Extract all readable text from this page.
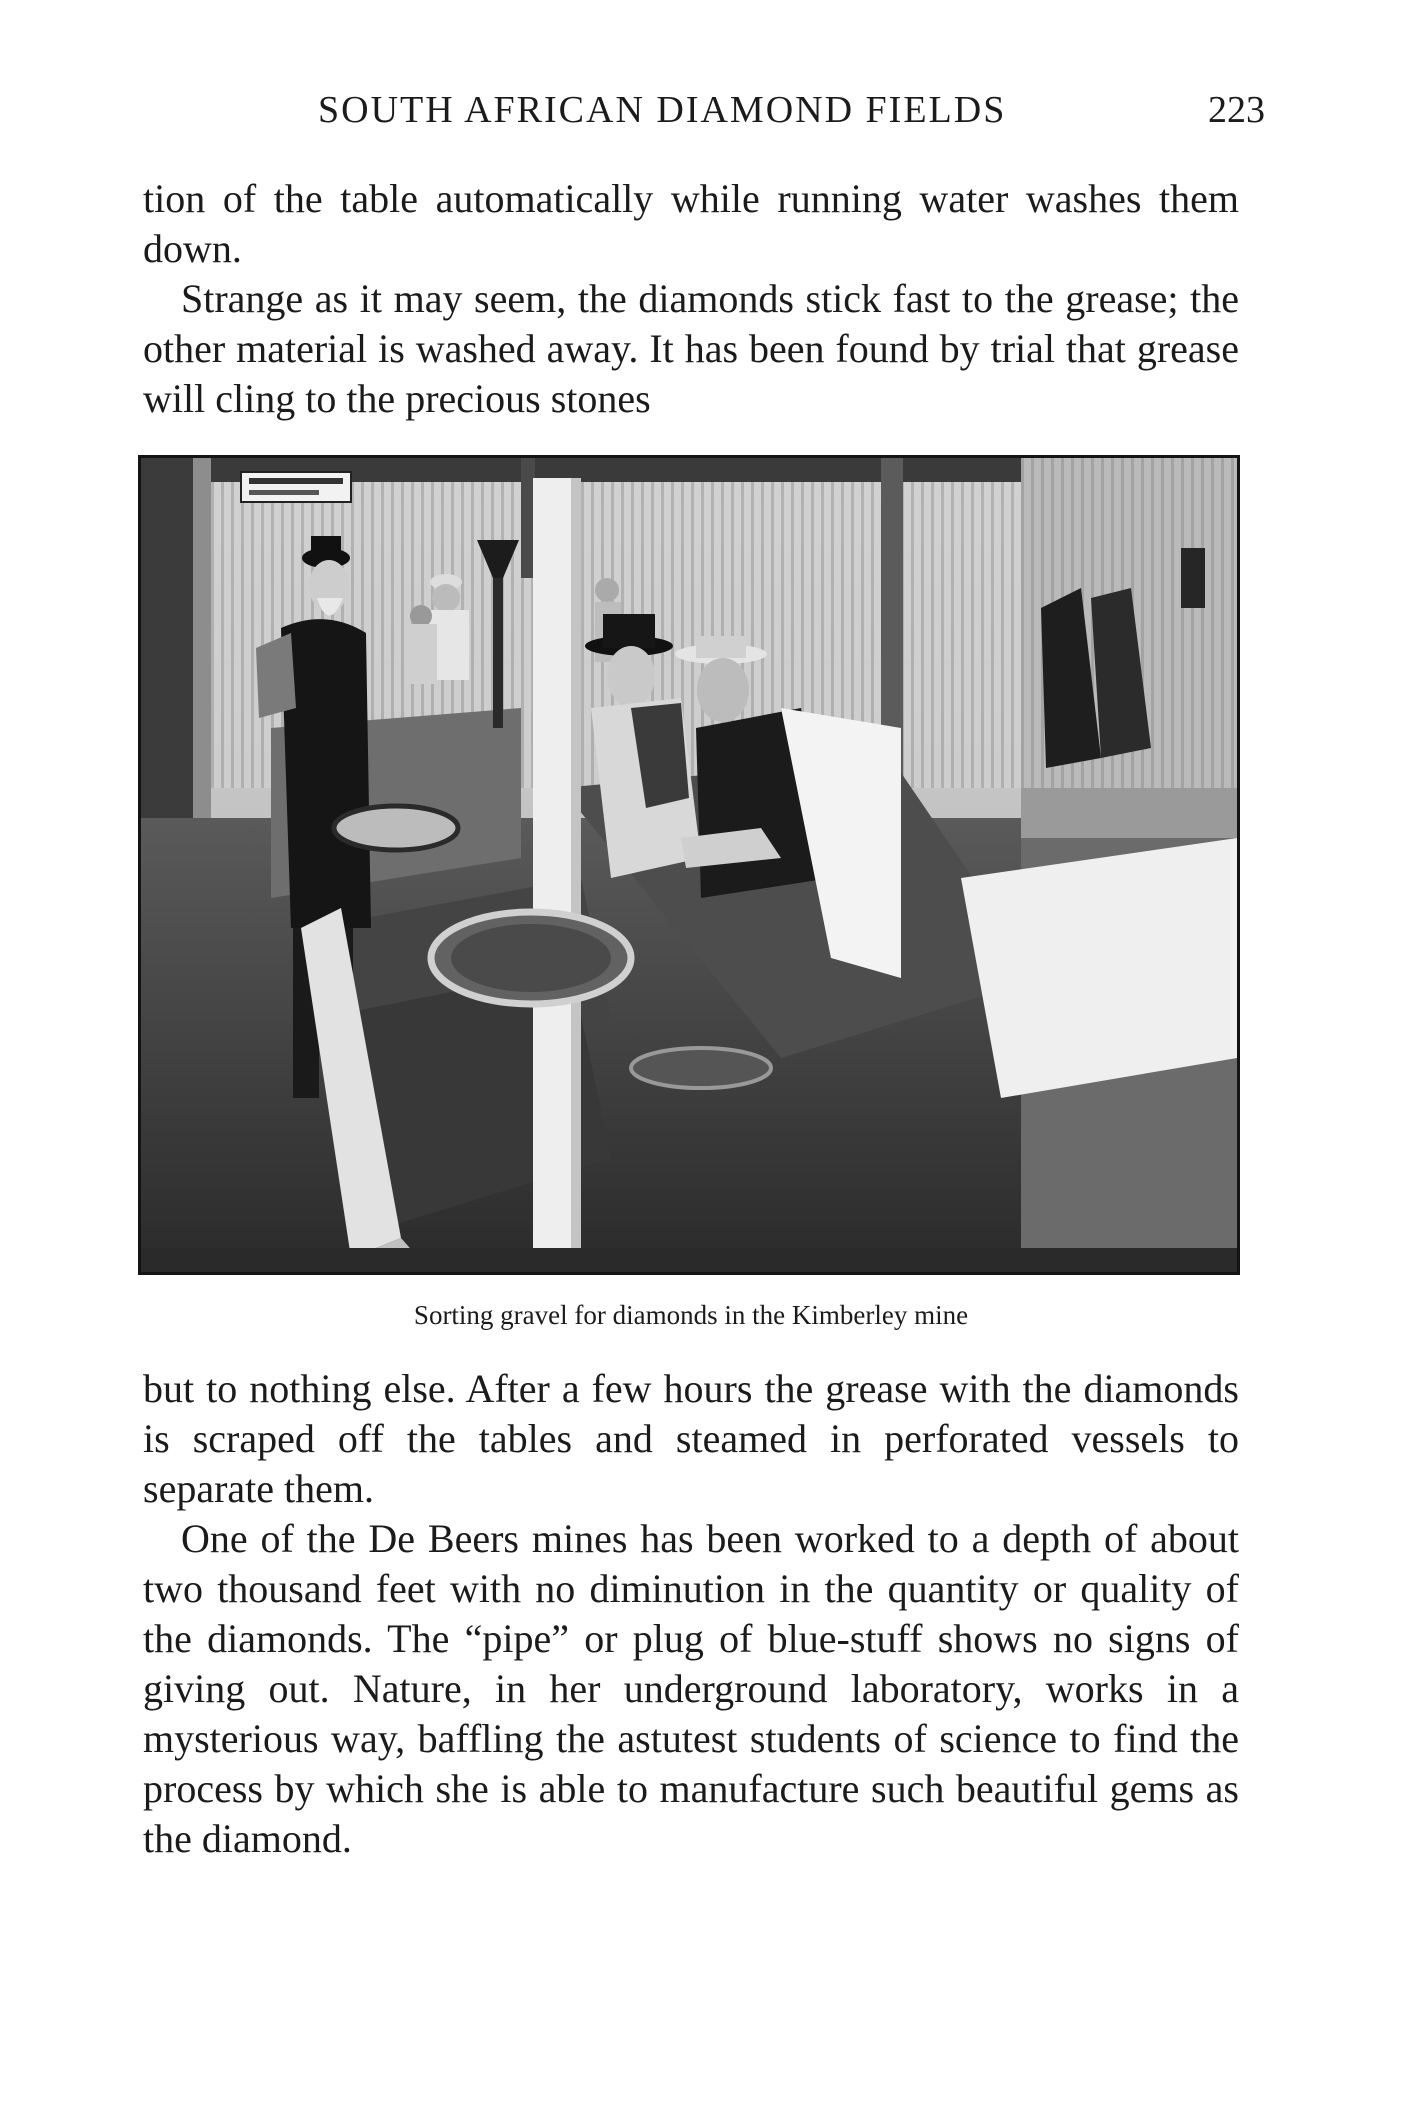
SOUTH AFRICAN DIAMOND FIELDS	223

tion of the table automatically while running water washes them down.

Strange as it may seem, the diamonds stick fast to the grease; the other material is washed away. It has been found by trial that grease will cling to the precious stones

Sorting gravel for diamonds in the Kimberley mine

but to nothing else. After a few hours the grease with the diamonds is scraped off the tables and steamed in perforated vessels to separate them.

One of the De Beers mines has been worked to a depth of about two thousand feet with no diminution in the quantity or quality of the diamonds. The “pipe” or plug of blue-stuff shows no signs of giving out. Nature, in her underground laboratory, works in a mysterious way, baffling the astutest students of science to find the process by which she is able to manufacture such beautiful gems as the diamond.
